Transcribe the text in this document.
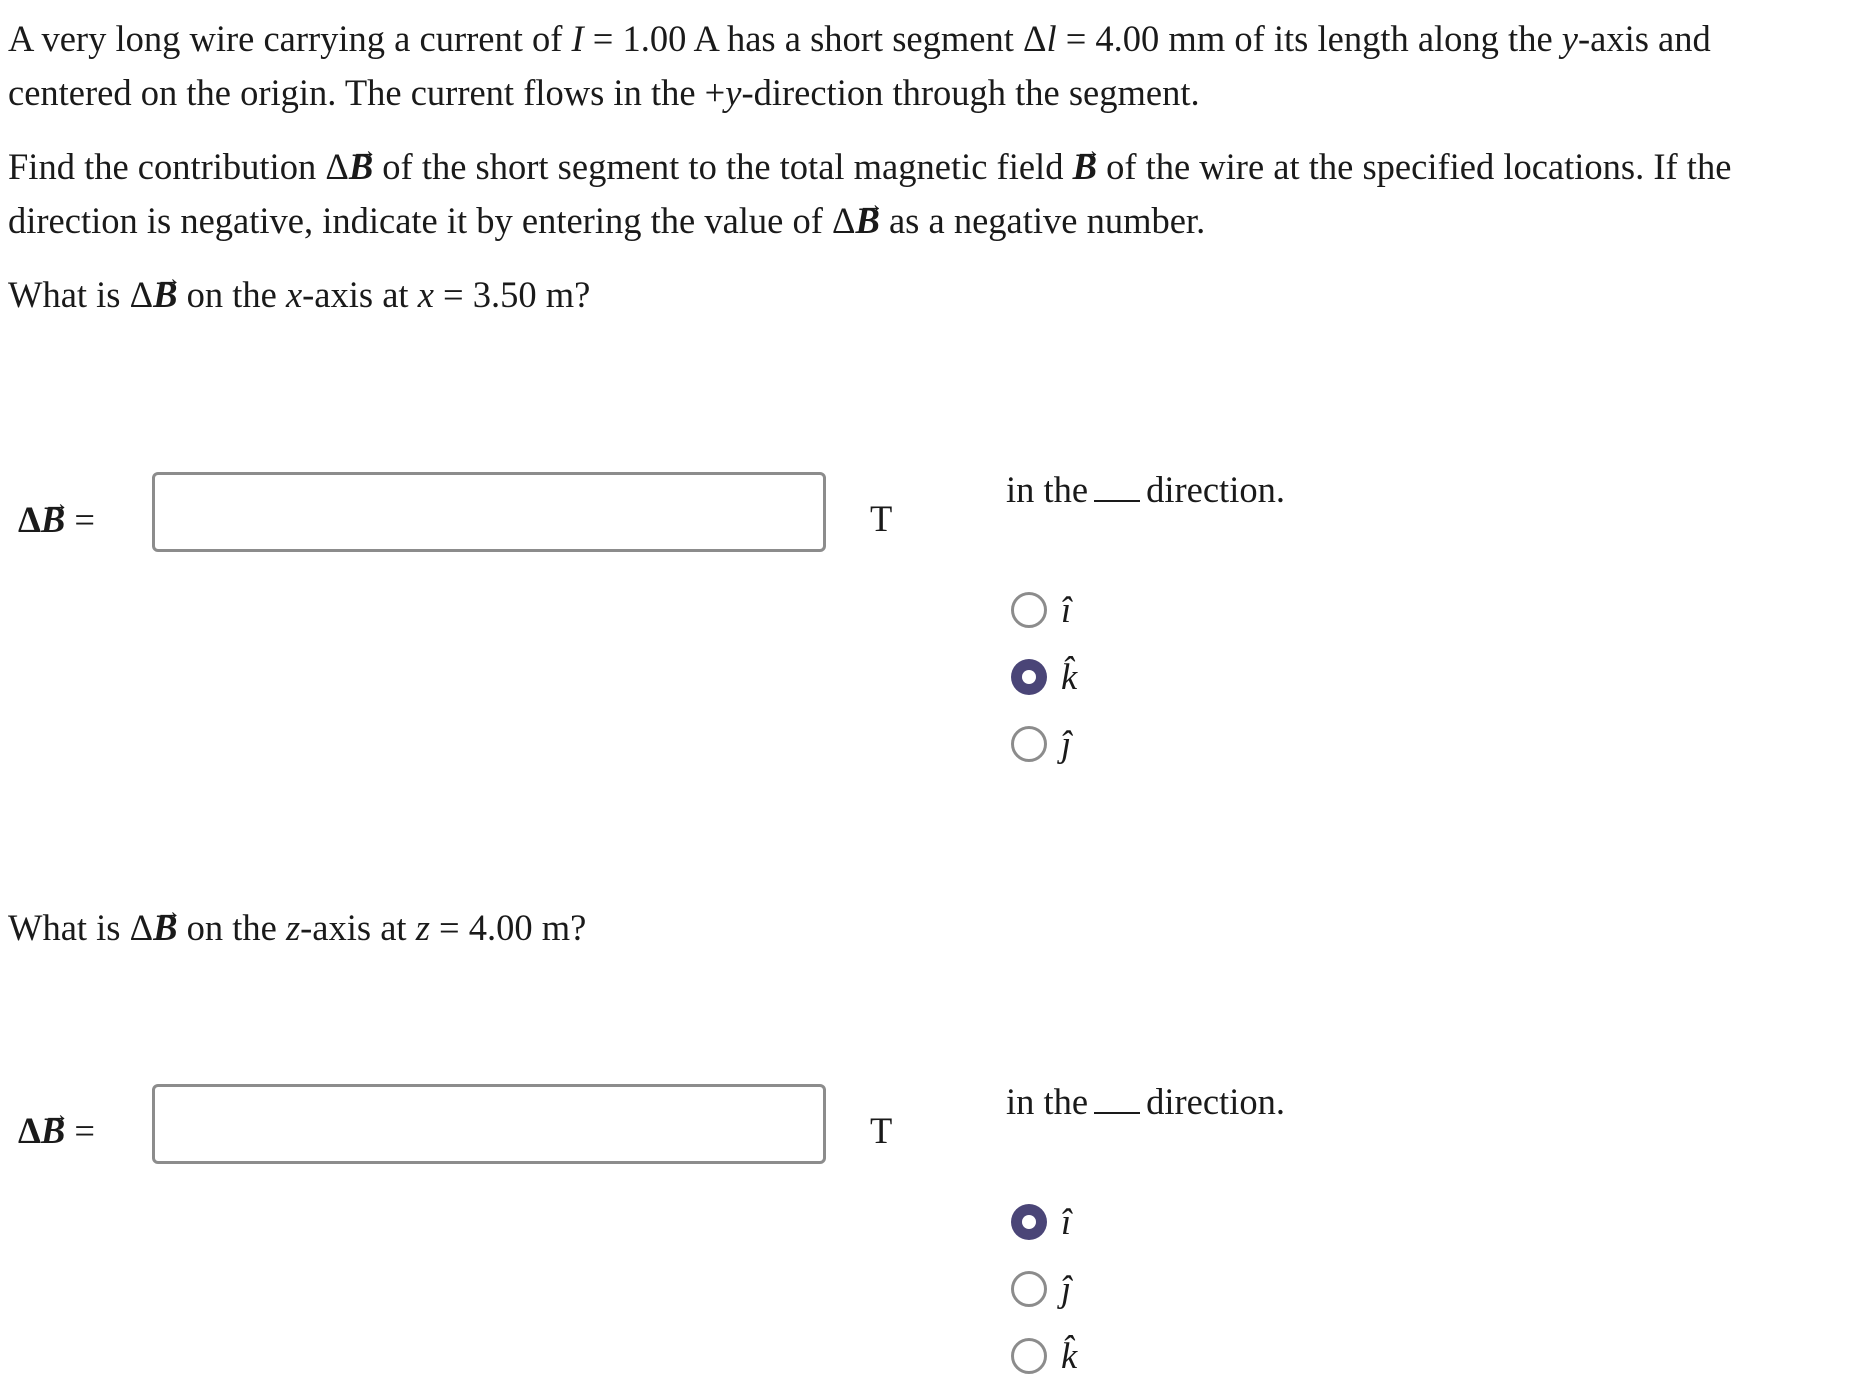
A very long wire carrying a current of I = 1.00 A has a short segment Δl = 4.00 mm of its length along the y-axis and
centered on the origin. The current flows in the +y-direction through the segment.
Find the contribution ΔB → of the short segment to the total magnetic field B → of the wire at the specified locations. If the direction is negative, indicate it by entering the value of ΔB → as a negative number.
What is ΔB → on the x-axis at x = 3.50 m?
ΔB → =	T
in the direction.
î
k̂
ĵ
What is ΔB → on the z-axis at z = 4.00 m?
ΔB → =	T
in the direction.
î
ĵ
k̂
